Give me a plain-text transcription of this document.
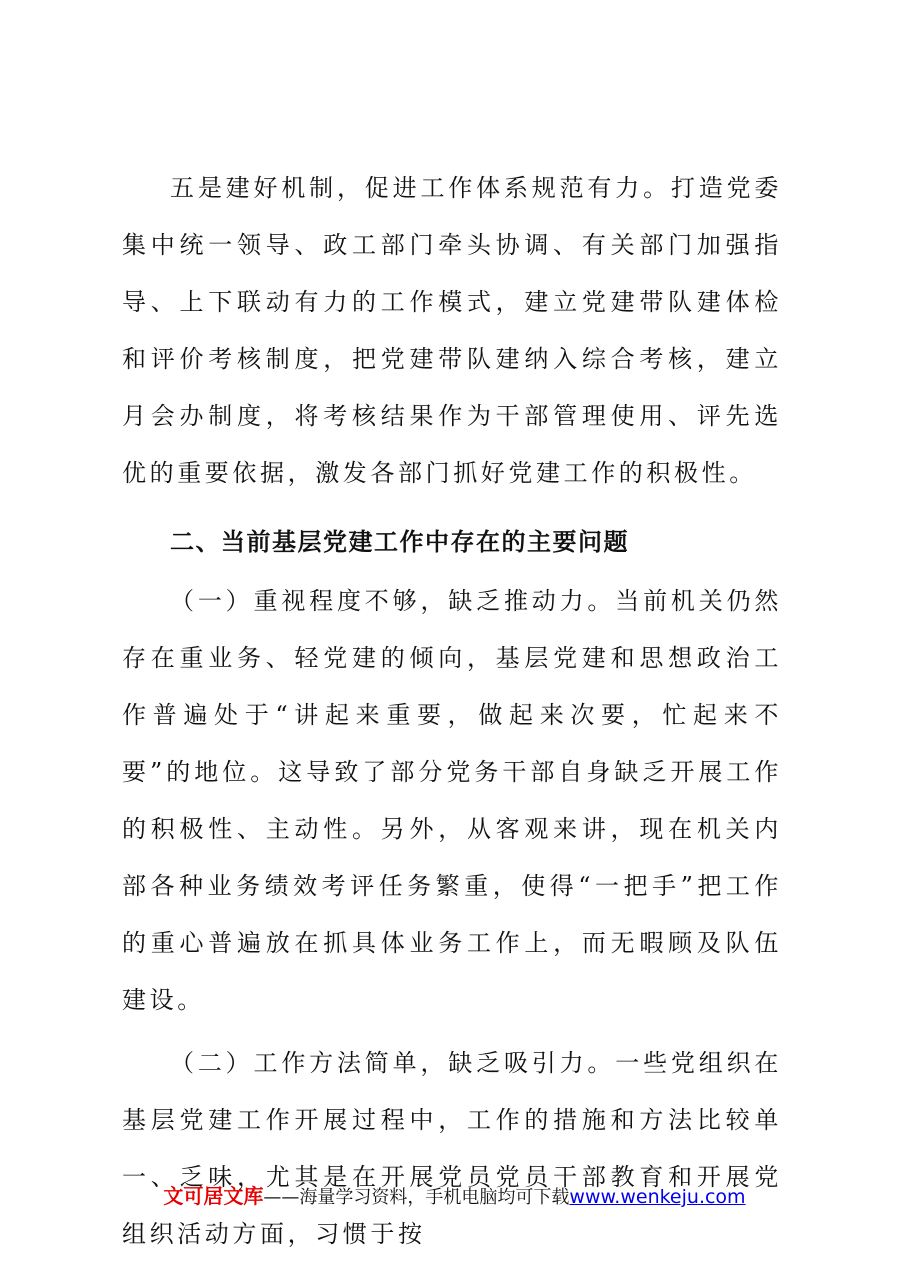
五是建好机制，促进工作体系规范有力。打造党委集中统一领导、政工部门牵头协调、有关部门加强指导、上下联动有力的工作模式，建立党建带队建体检和评价考核制度，把党建带队建纳入综合考核，建立月会办制度，将考核结果作为干部管理使用、评先选优的重要依据，激发各部门抓好党建工作的积极性。

二、当前基层党建工作中存在的主要问题

（一）重视程度不够，缺乏推动力。当前机关仍然存在重业务、轻党建的倾向，基层党建和思想政治工作普遍处于“讲起来重要，做起来次要，忙起来不要”的地位。这导致了部分党务干部自身缺乏开展工作的积极性、主动性。另外，从客观来讲，现在机关内部各种业务绩效考评任务繁重，使得“一把手”把工作的重心普遍放在抓具体业务工作上，而无暇顾及队伍建设。

（二）工作方法简单，缺乏吸引力。一些党组织在基层党建工作开展过程中，工作的措施和方法比较单一、乏味，尤其是在开展党员党员干部教育和开展党组织活动方面，习惯于按

文可居文库——海量学习资料，手机电脑均可下载www.wenkeju.com
